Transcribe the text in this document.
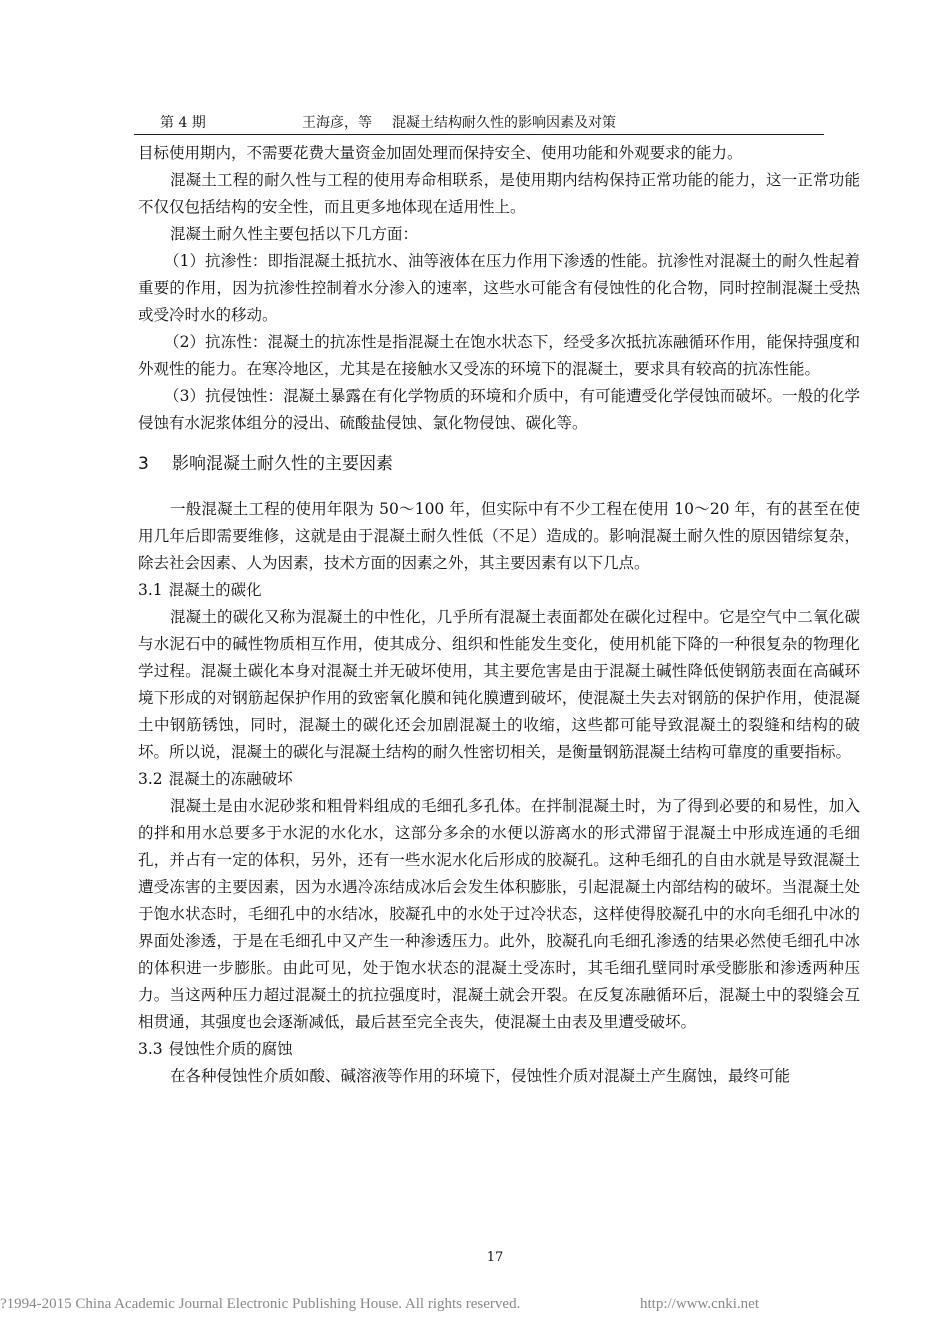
第 4 期	王海彦，等 混凝土结构耐久性的影响因素及对策

目标使用期内，不需要花费大量资金加固处理而保持安全、使用功能和外观要求的能力。

混凝土工程的耐久性与工程的使用寿命相联系，是使用期内结构保持正常功能的能力，这一正常功能不仅仅包括结构的安全性，而且更多地体现在适用性上。

混凝土耐久性主要包括以下几方面：

（1）抗渗性：即指混凝土抵抗水、油等液体在压力作用下渗透的性能。抗渗性对混凝土的耐久性起着重要的作用，因为抗渗性控制着水分渗入的速率，这些水可能含有侵蚀性的化合物，同时控制混凝土受热或受冷时水的移动。

（2）抗冻性：混凝土的抗冻性是指混凝土在饱水状态下，经受多次抵抗冻融循环作用，能保持强度和外观性的能力。在寒冷地区，尤其是在接触水又受冻的环境下的混凝土，要求具有较高的抗冻性能。

（3）抗侵蚀性：混凝土暴露在有化学物质的环境和介质中，有可能遭受化学侵蚀而破坏。一般的化学侵蚀有水泥浆体组分的浸出、硫酸盐侵蚀、氯化物侵蚀、碳化等。

3 影响混凝土耐久性的主要因素

一般混凝土工程的使用年限为 50～100 年，但实际中有不少工程在使用 10～20 年，有的甚至在使用几年后即需要维修，这就是由于混凝土耐久性低（不足）造成的。影响混凝土耐久性的原因错综复杂，除去社会因素、人为因素，技术方面的因素之外，其主要因素有以下几点。

3.1 混凝土的碳化

混凝土的碳化又称为混凝土的中性化，几乎所有混凝土表面都处在碳化过程中。它是空气中二氧化碳与水泥石中的碱性物质相互作用，使其成分、组织和性能发生变化，使用机能下降的一种很复杂的物理化学过程。混凝土碳化本身对混凝土并无破坏使用，其主要危害是由于混凝土碱性降低使钢筋表面在高碱环境下形成的对钢筋起保护作用的致密氧化膜和钝化膜遭到破坏，使混凝土失去对钢筋的保护作用，使混凝土中钢筋锈蚀，同时，混凝土的碳化还会加剧混凝土的收缩，这些都可能导致混凝土的裂缝和结构的破坏。所以说，混凝土的碳化与混凝土结构的耐久性密切相关，是衡量钢筋混凝土结构可靠度的重要指标。

3.2 混凝土的冻融破坏

混凝土是由水泥砂浆和粗骨料组成的毛细孔多孔体。在拌制混凝土时，为了得到必要的和易性，加入的拌和用水总要多于水泥的水化水，这部分多余的水便以游离水的形式滞留于混凝土中形成连通的毛细孔，并占有一定的体积，另外，还有一些水泥水化后形成的胶凝孔。这种毛细孔的自由水就是导致混凝土遭受冻害的主要因素，因为水遇冷冻结成冰后会发生体积膨胀，引起混凝土内部结构的破坏。当混凝土处于饱水状态时，毛细孔中的水结冰，胶凝孔中的水处于过冷状态，这样使得胶凝孔中的水向毛细孔中冰的界面处渗透，于是在毛细孔中又产生一种渗透压力。此外，胶凝孔向毛细孔渗透的结果必然使毛细孔中冰的体积进一步膨胀。由此可见，处于饱水状态的混凝土受冻时，其毛细孔壁同时承受膨胀和渗透两种压力。当这两种压力超过混凝土的抗拉强度时，混凝土就会开裂。在反复冻融循环后，混凝土中的裂缝会互相贯通，其强度也会逐渐减低，最后甚至完全丧失，使混凝土由表及里遭受破坏。

3.3 侵蚀性介质的腐蚀

在各种侵蚀性介质如酸、碱溶液等作用的环境下，侵蚀性介质对混凝土产生腐蚀，最终可能

17
?1994-2015 China Academic Journal Electronic Publishing House. All rights reserved.	http://www.cnki.net
